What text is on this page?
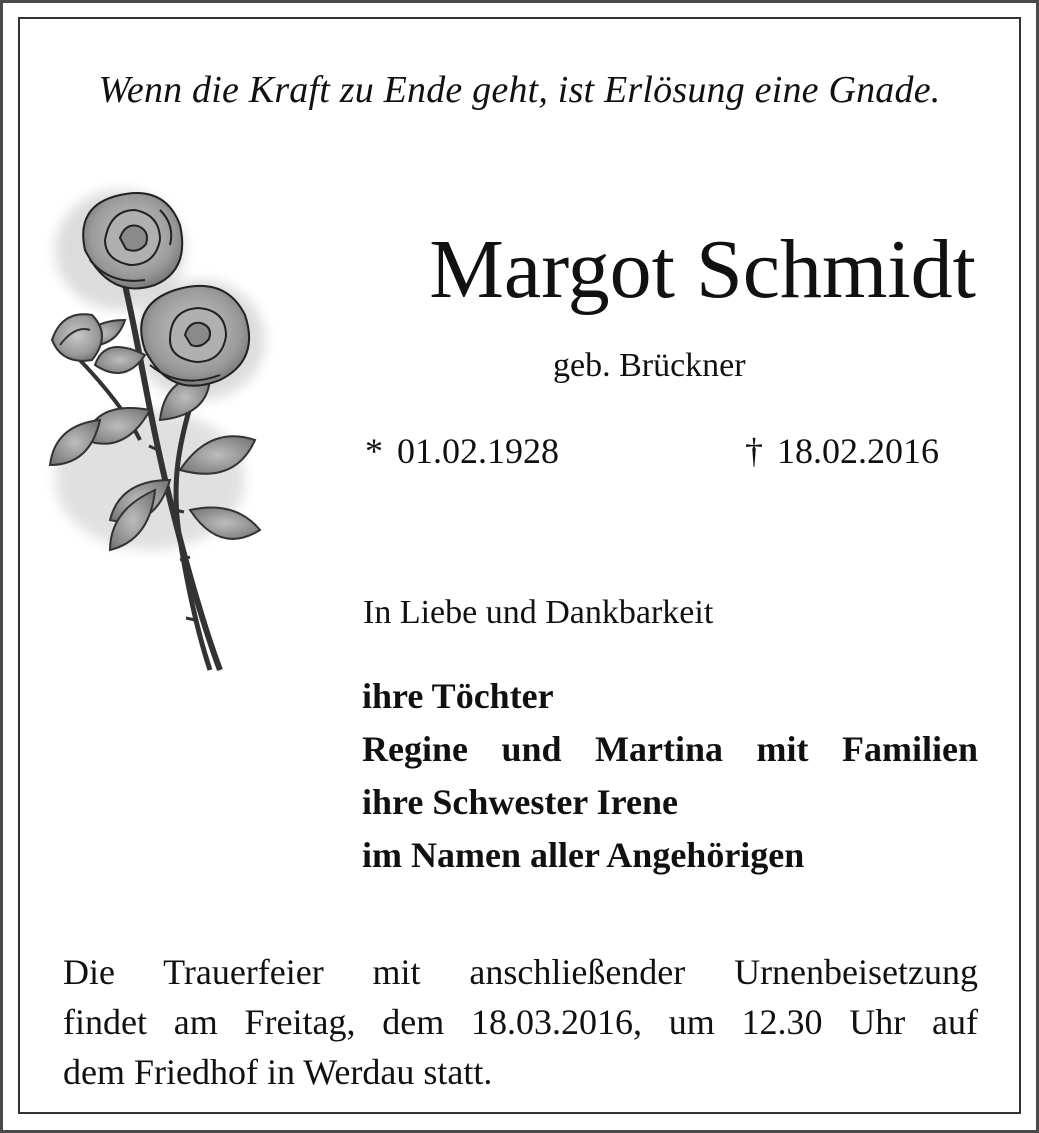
Wenn die Kraft zu Ende geht, ist Erlösung eine Gnade.
Margot Schmidt
geb. Brückner
* 01.02.1928	† 18.02.2016
In Liebe und Dankbarkeit
ihre Töchter
Regine und Martina mit Familien
ihre Schwester Irene
im Namen aller Angehörigen
Die Trauerfeier mit anschließender Urnenbeisetzung
findet am Freitag, dem 18.03.2016, um 12.30 Uhr auf
dem Friedhof in Werdau statt.
